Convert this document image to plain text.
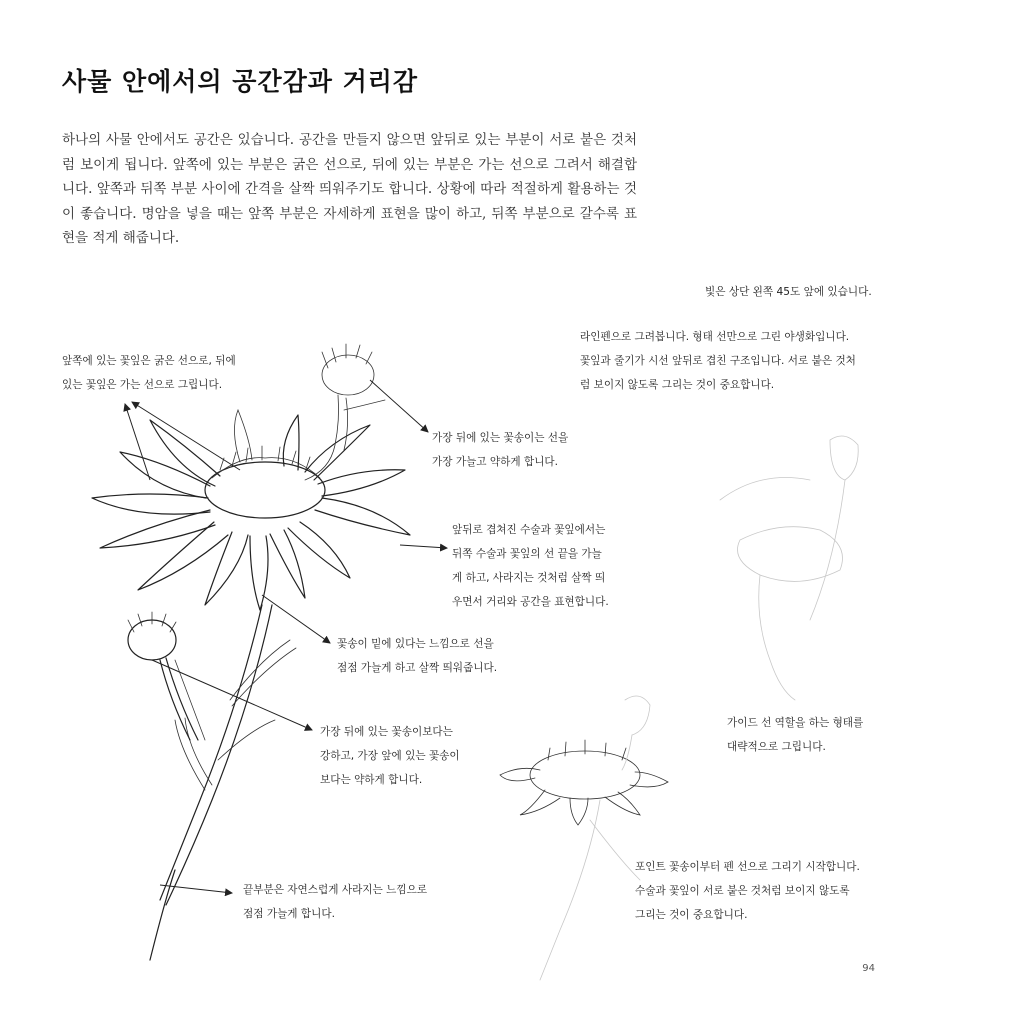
사물 안에서의 공간감과 거리감
하나의 사물 안에서도 공간은 있습니다. 공간을 만들지 않으면 앞뒤로 있는 부분이 서로 붙은 것처럼 보이게 됩니다. 앞쪽에 있는 부분은 굵은 선으로, 뒤에 있는 부분은 가는 선으로 그려서 해결합니다. 앞쪽과 뒤쪽 부분 사이에 간격을 살짝 띄워주기도 합니다. 상황에 따라 적절하게 활용하는 것이 좋습니다. 명암을 넣을 때는 앞쪽 부분은 자세하게 표현을 많이 하고, 뒤쪽 부분으로 갈수록 표현을 적게 해줍니다.
빛은 상단 왼쪽 45도 앞에 있습니다.
앞쪽에 있는 꽃잎은 굵은 선으로, 뒤에
있는 꽃잎은 가는 선으로 그립니다.
라인펜으로 그려봅니다. 형태 선만으로 그린 야생화입니다.
꽃잎과 줄기가 시선 앞뒤로 겹친 구조입니다. 서로 붙은 것처
럼 보이지 않도록 그리는 것이 중요합니다.
가장 뒤에 있는 꽃송이는 선을
가장 가늘고 약하게 합니다.
앞뒤로 겹쳐진 수술과 꽃잎에서는
뒤쪽 수술과 꽃잎의 선 끝을 가늘
게 하고, 사라지는 것처럼 살짝 띄
우면서 거리와 공간을 표현합니다.
꽃송이 밑에 있다는 느낌으로 선을
점점 가늘게 하고 살짝 띄워줍니다.
가장 뒤에 있는 꽃송이보다는
강하고, 가장 앞에 있는 꽃송이
보다는 약하게 합니다.
가이드 선 역할을 하는 형태를
대략적으로 그립니다.
끝부분은 자연스럽게 사라지는 느낌으로
점점 가늘게 합니다.
포인트 꽃송이부터 펜 선으로 그리기 시작합니다.
수술과 꽃잎이 서로 붙은 것처럼 보이지 않도록
그리는 것이 중요합니다.
94
